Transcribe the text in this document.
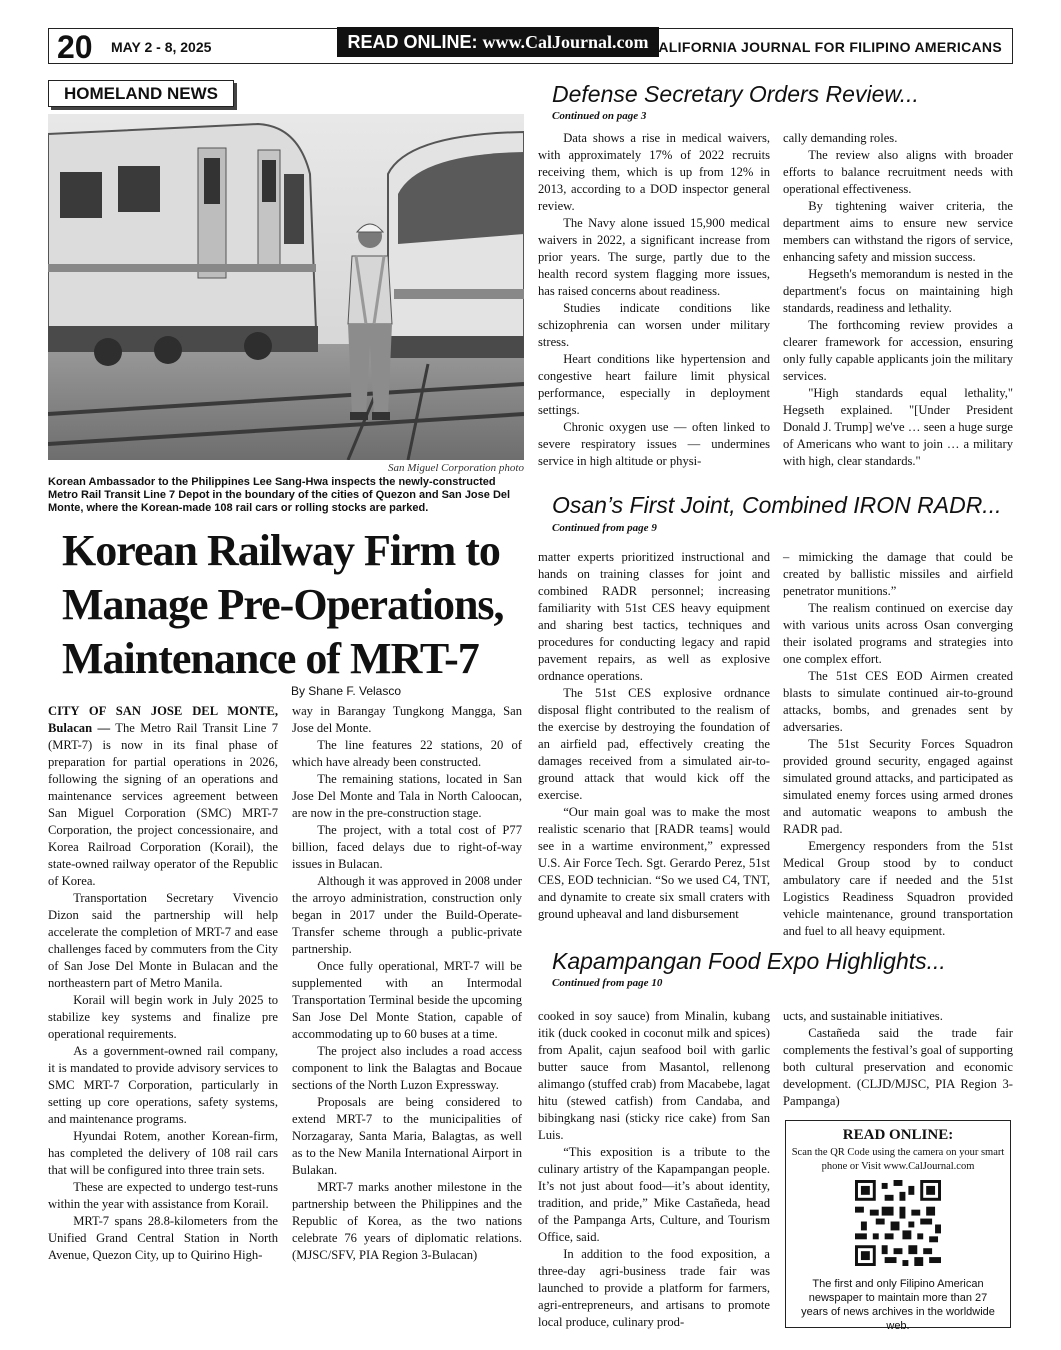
20 MAY 2 - 8, 2025	READ ONLINE: www.CalJournal.com CALIFORNIA JOURNAL FOR FILIPINO AMERICANS
HOMELAND NEWS
San Miguel Corporation photo
Korean Ambassador to the Philippines Lee Sang-Hwa inspects the newly-constructed Metro Rail Transit Line 7 Depot in the boundary of the cities of Quezon and San Jose Del Monte, where the Korean-made 108 rail cars or rolling stocks are parked.
Korean Railway Firm to
Manage Pre-Operations,
Maintenance of MRT-7
By Shane F. Velasco

CITY OF SAN JOSE DEL MONTE, Bulacan — The Metro Rail Transit Line 7 (MRT-7) is now in its final phase of preparation for partial operations in 2026, following the signing of an operations and maintenance services agreement between San Miguel Corporation (SMC) MRT-7 Corporation, the project concessionaire, and Korea Railroad Corporation (Korail), the state-owned railway operator of the Republic of Korea.

Transportation Secretary Vivencio Dizon said the partnership will help accelerate the completion of MRT-7 and ease challenges faced by commuters from the City of San Jose Del Monte in Bulacan and the northeastern part of Metro Manila.

Korail will begin work in July 2025 to stabilize key systems and finalize pre operational requirements.

As a government-owned rail company, it is mandated to provide advisory services to SMC MRT-7 Corporation, particularly in setting up core operations, safety systems, and maintenance programs.

Hyundai Rotem, another Korean-firm, has completed the delivery of 108 rail cars that will be configured into three train sets.

These are expected to undergo test-runs within the year with assistance from Korail.

MRT-7 spans 28.8-kilometers from the Unified Grand Central Station in North Avenue, Quezon City, up to Quirino High-

way in Barangay Tungkong Mangga, San Jose del Monte.

The line features 22 stations, 20 of which have already been constructed.

The remaining stations, located in San Jose Del Monte and Tala in North Caloocan, are now in the pre-construction stage.

The project, with a total cost of P77 billion, faced delays due to right-of-way issues in Bulacan.

Although it was approved in 2008 under the arroyo administration, construction only began in 2017 under the Build-Operate-Transfer scheme through a public-private partnership.

Once fully operational, MRT-7 will be supplemented with an Intermodal Transportation Terminal beside the upcoming San Jose Del Monte Station, capable of accommodating up to 60 buses at a time.

The project also includes a road access component to link the Balagtas and Bocaue sections of the North Luzon Expressway.

Proposals are being considered to extend MRT-7 to the municipalities of Norzagaray, Santa Maria, Balagtas, as well as to the New Manila International Airport in Bulakan.

MRT-7 marks another milestone in the partnership between the Philippines and the Republic of Korea, as the two nations celebrate 76 years of diplomatic relations. (MJSC/SFV, PIA Region 3-Bulacan)

Defense Secretary Orders Review...
Continued on page 3

Data shows a rise in medical waivers, with approximately 17% of 2022 recruits receiving them, which is up from 12% in 2013, according to a DOD inspector general review.

The Navy alone issued 15,900 medical waivers in 2022, a significant increase from prior years. The surge, partly due to the health record system flagging more issues, has raised concerns about readiness.

Studies indicate conditions like schizophrenia can worsen under military stress.

Heart conditions like hypertension and congestive heart failure limit physical performance, especially in deployment settings.

Chronic oxygen use — often linked to severe respiratory issues — undermines service in high altitude or physi-

cally demanding roles.

The review also aligns with broader efforts to balance recruitment needs with operational effectiveness.

By tightening waiver criteria, the department aims to ensure new service members can withstand the rigors of service, enhancing safety and mission success.

Hegseth's memorandum is nested in the department's focus on maintaining high standards, readiness and lethality.

The forthcoming review provides a clearer framework for accession, ensuring only fully capable applicants join the military services.

"High standards equal lethality," Hegseth explained. "[Under President Donald J. Trump] we've … seen a huge surge of Americans who want to join … a military with high, clear standards."

Osan’s First Joint, Combined IRON RADR...
Continued from page 9

matter experts prioritized instructional and hands on training classes for joint and combined RADR personnel; increasing familiarity with 51st CES heavy equipment and sharing best tactics, techniques and procedures for conducting legacy and rapid pavement repairs, as well as explosive ordnance operations.

The 51st CES explosive ordnance disposal flight contributed to the realism of the exercise by destroying the foundation of an airfield pad, effectively creating the damages received from a simulated air-to-ground attack that would kick off the exercise.

“Our main goal was to make the most realistic scenario that [RADR teams] would see in a wartime environment,” expressed U.S. Air Force Tech. Sgt. Gerardo Perez, 51st CES, EOD technician. “So we used C4, TNT, and dynamite to create six small craters with ground upheaval and land disbursement

– mimicking the damage that could be created by ballistic missiles and airfield penetrator munitions.”

The realism continued on exercise day with various units across Osan converging their isolated programs and strategies into one complex effort.

The 51st CES EOD Airmen created blasts to simulate continued air-to-ground attacks, bombs, and grenades sent by adversaries.

The 51st Security Forces Squadron provided ground security, engaged against simulated ground attacks, and participated as simulated enemy forces using armed drones and automatic weapons to ambush the RADR pad.

Emergency responders from the 51st Medical Group stood by to conduct ambulatory care if needed and the 51st Logistics Readiness Squadron provided vehicle maintenance, ground transportation and fuel to all heavy equipment.

Kapampangan Food Expo Highlights...
Continued from page 10

cooked in soy sauce) from Minalin, kubang itik (duck cooked in coconut milk and spices) from Apalit, cajun seafood boil with garlic butter sauce from Masantol, rellenong alimango (stuffed crab) from Macabebe, lagat hitu (stewed catfish) from Candaba, and bibingkang nasi (sticky rice cake) from San Luis.

“This exposition is a tribute to the culinary artistry of the Kapampangan people. It’s not just about food—it’s about identity, tradition, and pride,” Mike Castañeda, head of the Pampanga Arts, Culture, and Tourism Office, said.

In addition to the food exposition, a three-day agri-business trade fair was launched to provide a platform for farmers, agri-entrepreneurs, and artisans to promote local produce, culinary prod-

ucts, and sustainable initiatives.

Castañeda said the trade fair complements the festival’s goal of supporting both cultural preservation and economic development. (CLJD/MJSC, PIA Region 3-Pampanga)

READ ONLINE:
Scan the QR Code using the camera on your smart phone or Visit www.CalJournal.com
The first and only Filipino American newspaper to maintain more than 27 years of news archives in the worldwide web.
